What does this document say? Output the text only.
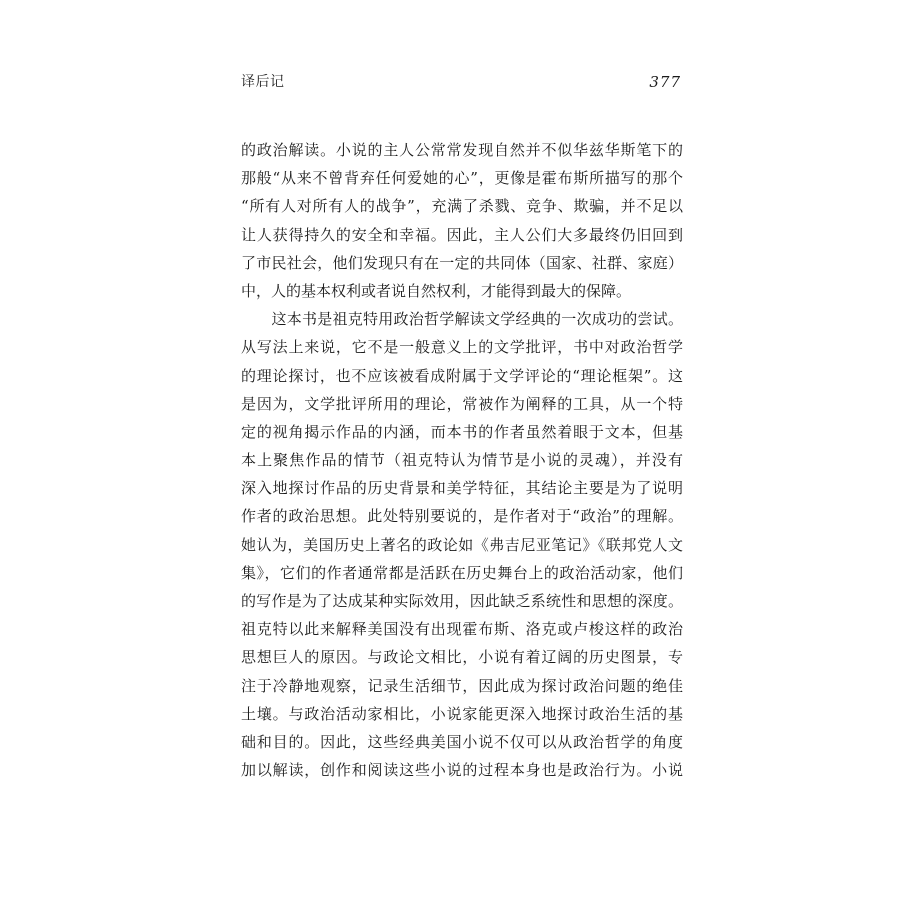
译后记	377
的政治解读。小说的主人公常常发现自然并不似华兹华斯笔下的
那般“从来不曾背弃任何爱她的心”，更像是霍布斯所描写的那个
“所有人对所有人的战争”，充满了杀戮、竞争、欺骗，并不足以
让人获得持久的安全和幸福。因此，主人公们大多最终仍旧回到
了市民社会，他们发现只有在一定的共同体（国家、社群、家庭）
中，人的基本权利或者说自然权利，才能得到最大的保障。
　　这本书是祖克特用政治哲学解读文学经典的一次成功的尝试。
从写法上来说，它不是一般意义上的文学批评，书中对政治哲学
的理论探讨，也不应该被看成附属于文学评论的“理论框架”。这
是因为，文学批评所用的理论，常被作为阐释的工具，从一个特
定的视角揭示作品的内涵，而本书的作者虽然着眼于文本，但基
本上聚焦作品的情节（祖克特认为情节是小说的灵魂），并没有
深入地探讨作品的历史背景和美学特征，其结论主要是为了说明
作者的政治思想。此处特别要说的，是作者对于“政治”的理解。
她认为，美国历史上著名的政论如《弗吉尼亚笔记》《联邦党人文
集》，它们的作者通常都是活跃在历史舞台上的政治活动家，他们
的写作是为了达成某种实际效用，因此缺乏系统性和思想的深度。
祖克特以此来解释美国没有出现霍布斯、洛克或卢梭这样的政治
思想巨人的原因。与政论文相比，小说有着辽阔的历史图景，专
注于冷静地观察，记录生活细节，因此成为探讨政治问题的绝佳
土壤。与政治活动家相比，小说家能更深入地探讨政治生活的基
础和目的。因此，这些经典美国小说不仅可以从政治哲学的角度
加以解读，创作和阅读这些小说的过程本身也是政治行为。小说
